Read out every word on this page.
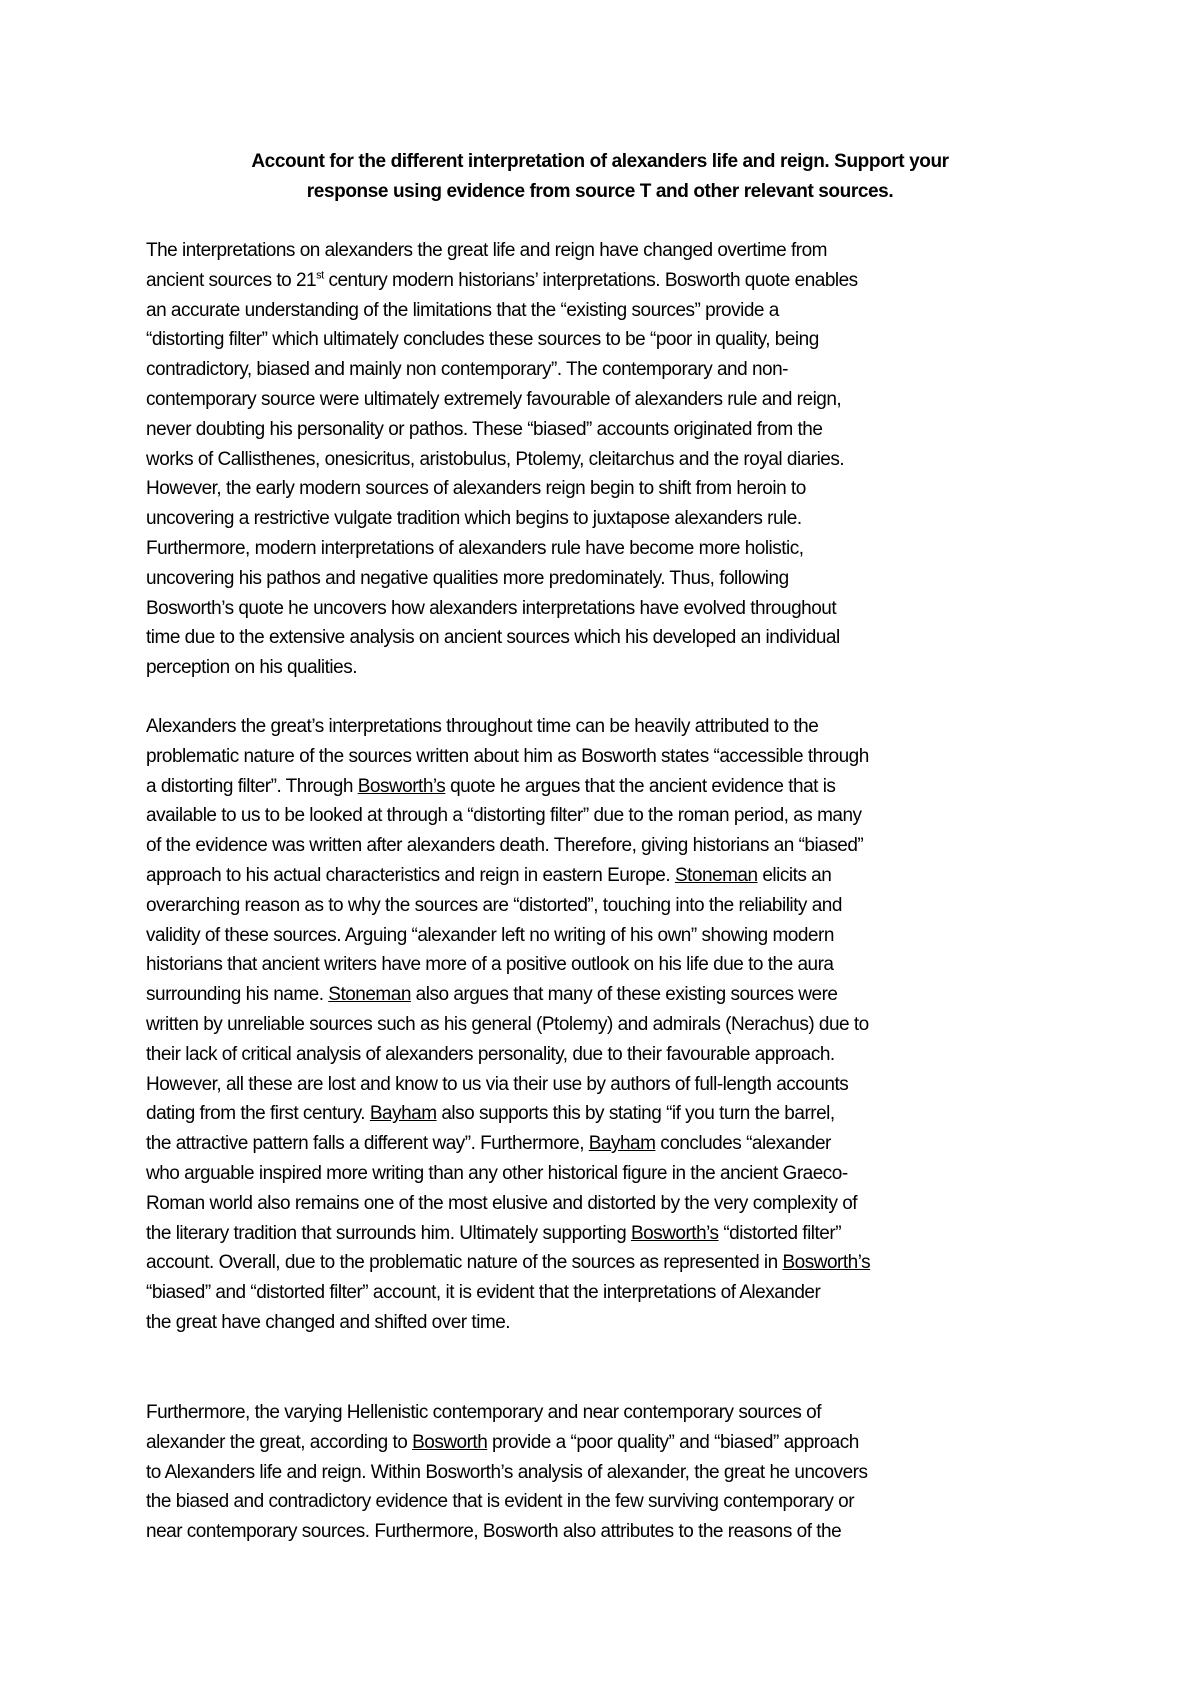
Account for the different interpretation of alexanders life and reign. Support your
response using evidence from source T and other relevant sources.
The interpretations on alexanders the great life and reign have changed overtime from
ancient sources to 21st century modern historians’ interpretations. Bosworth quote enables
an accurate understanding of the limitations that the “existing sources” provide a
“distorting filter” which ultimately concludes these sources to be “poor in quality, being
contradictory, biased and mainly non contemporary”. The contemporary and non-
contemporary source were ultimately extremely favourable of alexanders rule and reign,
never doubting his personality or pathos. These “biased” accounts originated from the
works of Callisthenes, onesicritus, aristobulus, Ptolemy, cleitarchus and the royal diaries.
However, the early modern sources of alexanders reign begin to shift from heroin to
uncovering a restrictive vulgate tradition which begins to juxtapose alexanders rule.
Furthermore, modern interpretations of alexanders rule have become more holistic,
uncovering his pathos and negative qualities more predominately. Thus, following
Bosworth’s quote he uncovers how alexanders interpretations have evolved throughout
time due to the extensive analysis on ancient sources which his developed an individual
perception on his qualities.
Alexanders the great’s interpretations throughout time can be heavily attributed to the
problematic nature of the sources written about him as Bosworth states “accessible through
a distorting filter”. Through Bosworth’s quote he argues that the ancient evidence that is
available to us to be looked at through a “distorting filter” due to the roman period, as many
of the evidence was written after alexanders death. Therefore, giving historians an “biased”
approach to his actual characteristics and reign in eastern Europe. Stoneman elicits an
overarching reason as to why the sources are “distorted”, touching into the reliability and
validity of these sources. Arguing “alexander left no writing of his own” showing modern
historians that ancient writers have more of a positive outlook on his life due to the aura
surrounding his name. Stoneman also argues that many of these existing sources were
written by unreliable sources such as his general (Ptolemy) and admirals (Nerachus) due to
their lack of critical analysis of alexanders personality, due to their favourable approach.
However, all these are lost and know to us via their use by authors of full-length accounts
dating from the first century. Bayham also supports this by stating “if you turn the barrel,
the attractive pattern falls a different way”. Furthermore, Bayham concludes “alexander
who arguable inspired more writing than any other historical figure in the ancient Graeco-
Roman world also remains one of the most elusive and distorted by the very complexity of
the literary tradition that surrounds him. Ultimately supporting Bosworth’s “distorted filter”
account. Overall, due to the problematic nature of the sources as represented in Bosworth’s
“biased” and “distorted filter” account, it is evident that the interpretations of Alexander
the great have changed and shifted over time.
Furthermore, the varying Hellenistic contemporary and near contemporary sources of
alexander the great, according to Bosworth provide a “poor quality” and “biased” approach
to Alexanders life and reign. Within Bosworth’s analysis of alexander, the great he uncovers
the biased and contradictory evidence that is evident in the few surviving contemporary or
near contemporary sources. Furthermore, Bosworth also attributes to the reasons of the
